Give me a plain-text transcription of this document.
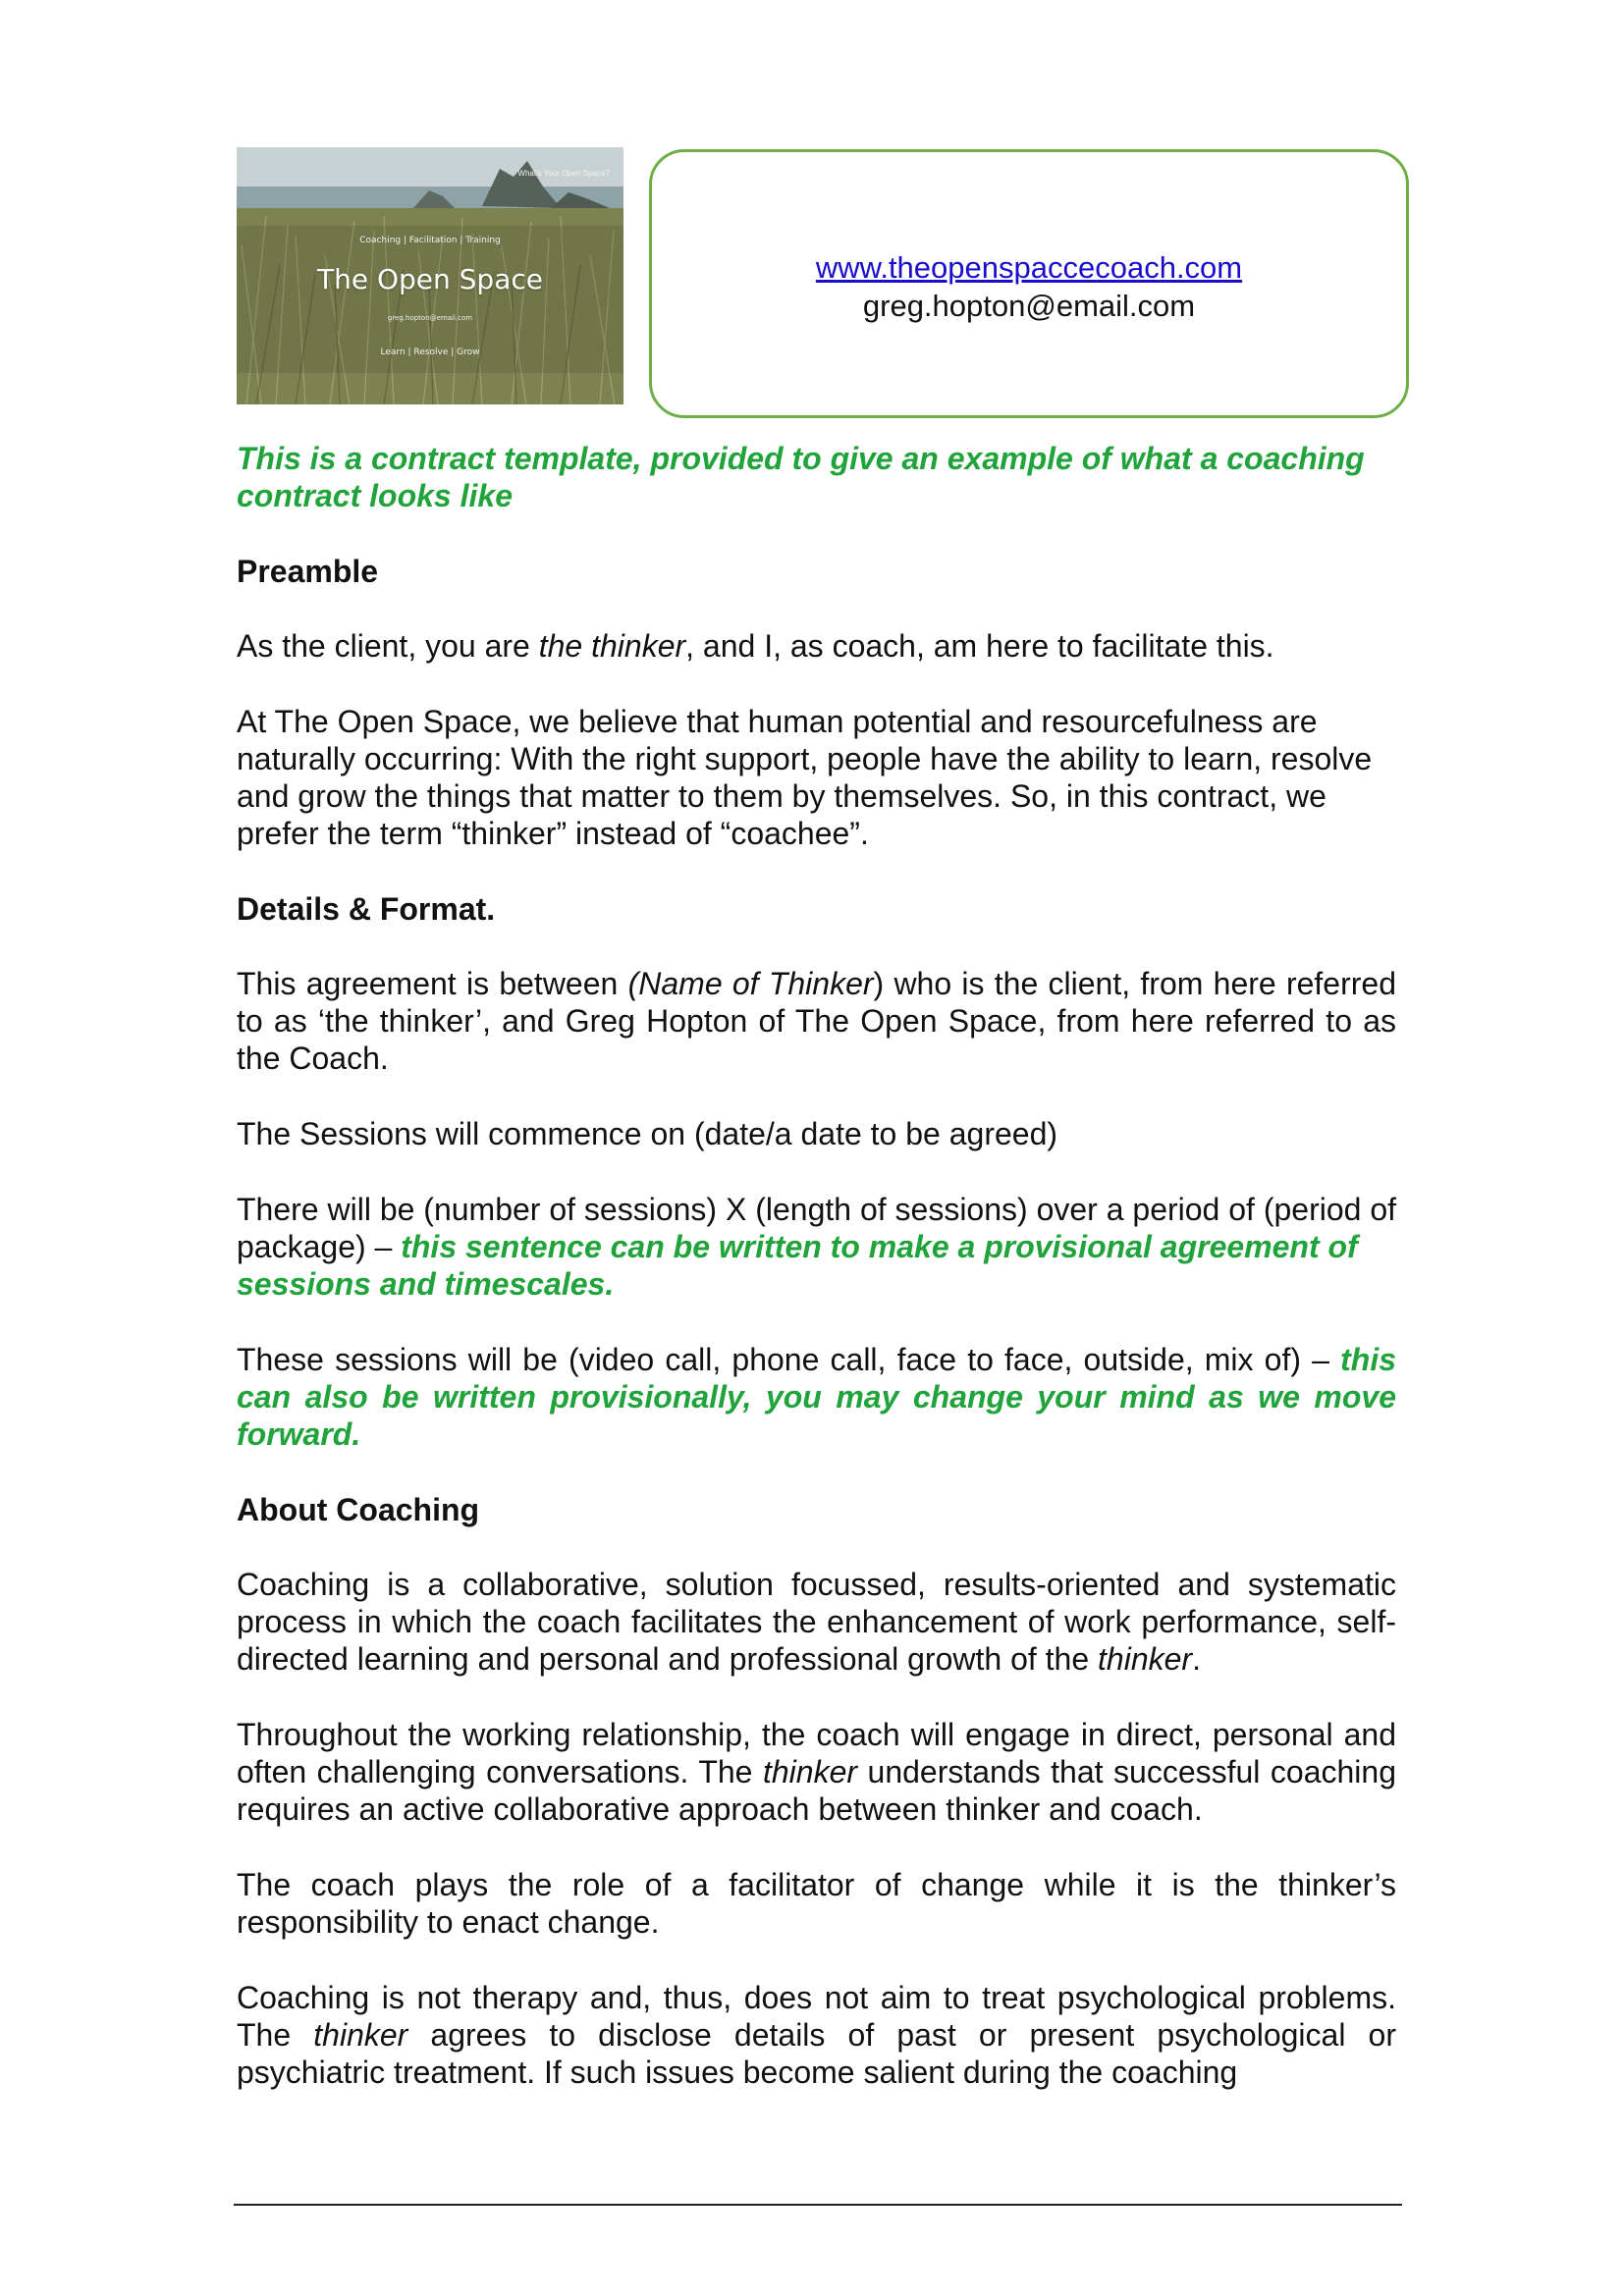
What's Your Open Space?
Coaching | Facilitation | Training
The Open Space
greg.hopton@email.com
Learn | Resolve | Grow
www.theopenspaccecoach.com
greg.hopton@email.com

This is a contract template, provided to give an example of what a coaching contract looks like

Preamble

As the client, you are the thinker, and I, as coach, am here to facilitate this.

At The Open Space, we believe that human potential and resourcefulness are naturally occurring: With the right support, people have the ability to learn, resolve and grow the things that matter to them by themselves. So, in this contract, we prefer the term “thinker” instead of “coachee”.

Details & Format.

This agreement is between (Name of Thinker) who is the client, from here referred to as ‘the thinker’, and Greg Hopton of The Open Space, from here referred to as the Coach.

The Sessions will commence on (date/a date to be agreed)

There will be (number of sessions) X (length of sessions) over a period of (period of package) – this sentence can be written to make a provisional agreement of sessions and timescales.

These sessions will be (video call, phone call, face to face, outside, mix of) – this can also be written provisionally, you may change your mind as we move forward.

About Coaching

Coaching is a collaborative, solution focussed, results-oriented and systematic process in which the coach facilitates the enhancement of work performance, self-directed learning and personal and professional growth of the thinker.

Throughout the working relationship, the coach will engage in direct, personal and often challenging conversations. The thinker understands that successful coaching requires an active collaborative approach between thinker and coach.

The coach plays the role of a facilitator of change while it is the thinker’s responsibility to enact change.

Coaching is not therapy and, thus, does not aim to treat psychological problems. The thinker agrees to disclose details of past or present psychological or psychiatric treatment. If such issues become salient during the coaching
